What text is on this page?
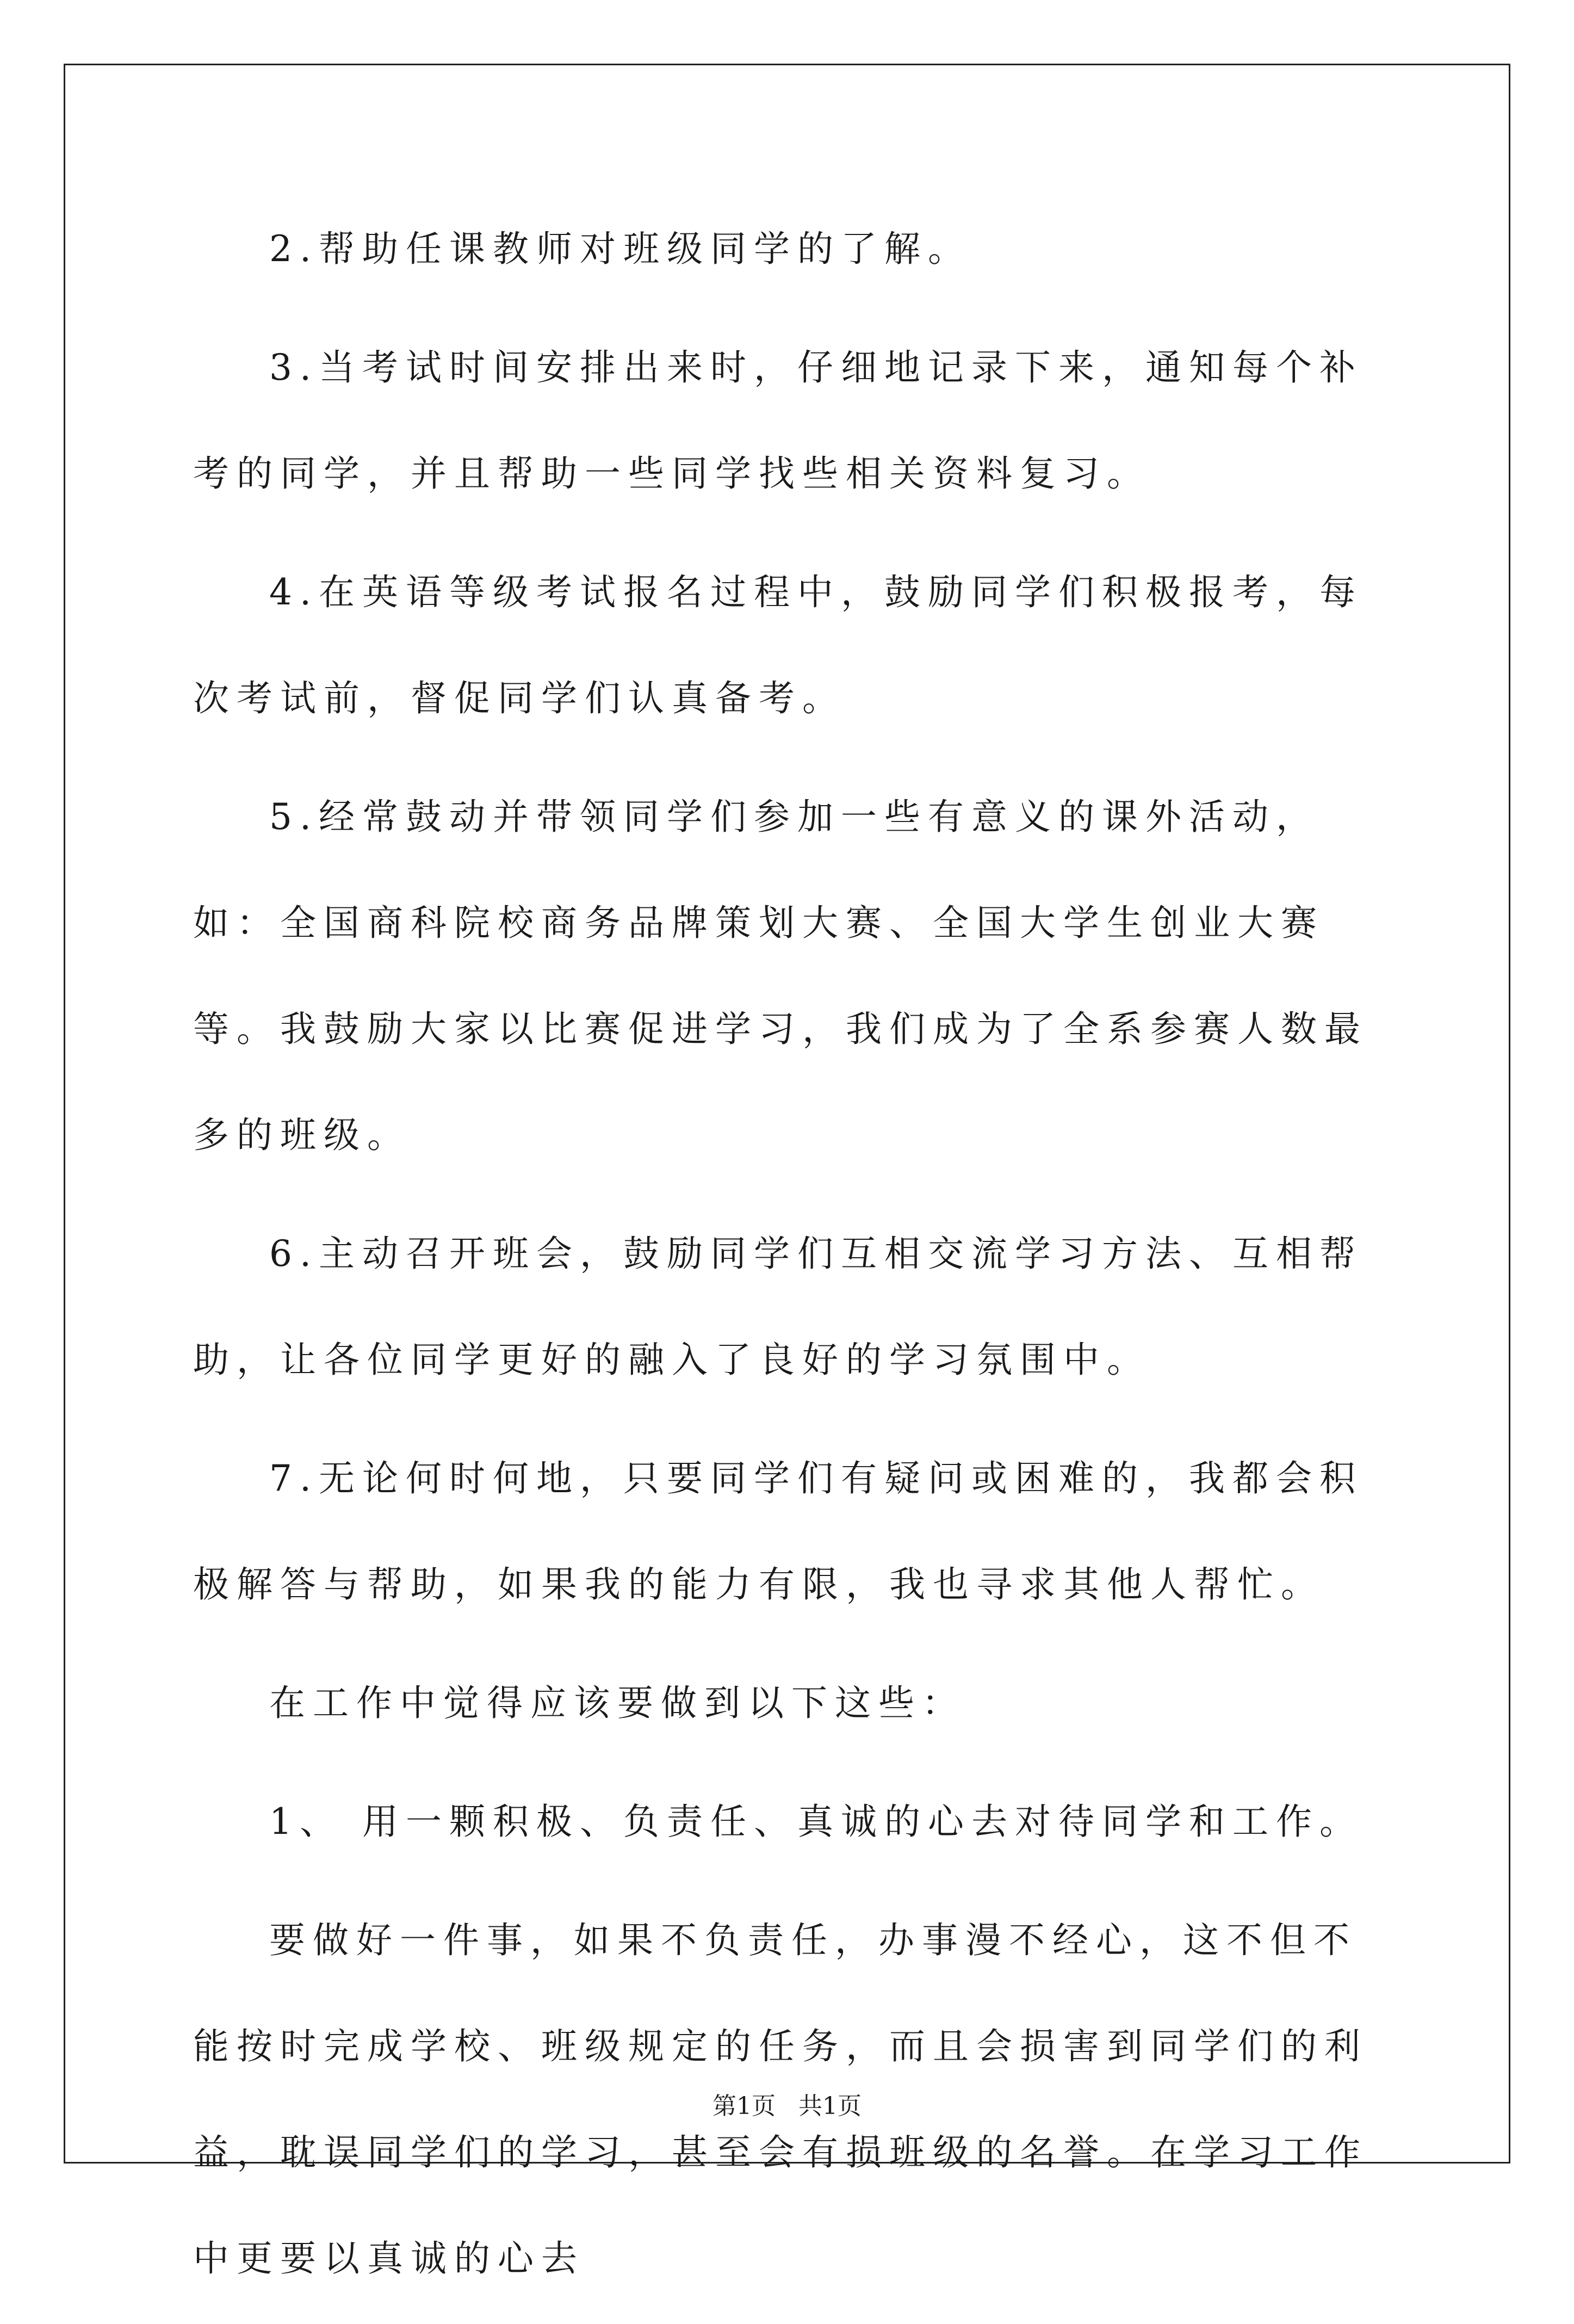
2.帮助任课教师对班级同学的了解。

3.当考试时间安排出来时，仔细地记录下来，通知每个补考的同学，并且帮助一些同学找些相关资料复习。

4.在英语等级考试报名过程中，鼓励同学们积极报考，每次考试前，督促同学们认真备考。

5.经常鼓动并带领同学们参加一些有意义的课外活动，如：全国商科院校商务品牌策划大赛、全国大学生创业大赛等。我鼓励大家以比赛促进学习，我们成为了全系参赛人数最多的班级。

6.主动召开班会，鼓励同学们互相交流学习方法、互相帮助，让各位同学更好的融入了良好的学习氛围中。

7.无论何时何地，只要同学们有疑问或困难的，我都会积极解答与帮助，如果我的能力有限，我也寻求其他人帮忙。

在工作中觉得应该要做到以下这些：

1、 用一颗积极、负责任、真诚的心去对待同学和工作。

要做好一件事，如果不负责任，办事漫不经心，这不但不能按时完成学校、班级规定的任务，而且会损害到同学们的利益，耽误同学们的学习，甚至会有损班级的名誉。在学习工作中更要以真诚的心去

第1页   共1页
